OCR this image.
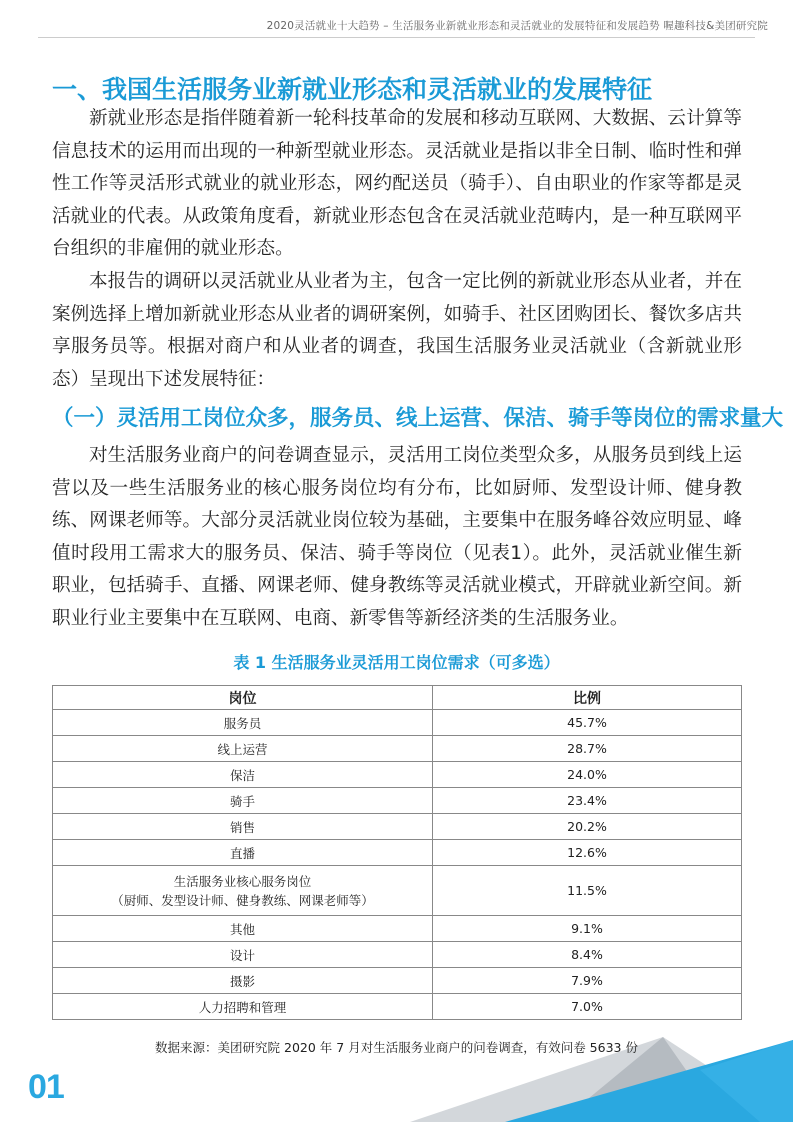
2020灵活就业十大趋势 – 生活服务业新就业形态和灵活就业的发展特征和发展趋势 喔趣科技&美团研究院
一、我国生活服务业新就业形态和灵活就业的发展特征
新就业形态是指伴随着新一轮科技革命的发展和移动互联网、大数据、云计算等
信息技术的运用而出现的一种新型就业形态。灵活就业是指以非全日制、临时性和弹
性工作等灵活形式就业的就业形态，网约配送员（骑手）、自由职业的作家等都是灵
活就业的代表。从政策角度看，新就业形态包含在灵活就业范畴内，是一种互联网平
台组织的非雇佣的就业形态。
本报告的调研以灵活就业从业者为主，包含一定比例的新就业形态从业者，并在
案例选择上增加新就业形态从业者的调研案例，如骑手、社区团购团长、餐饮多店共
享服务员等。根据对商户和从业者的调查，我国生活服务业灵活就业（含新就业形
态）呈现出下述发展特征：
（一）灵活用工岗位众多，服务员、线上运营、保洁、骑手等岗位的需求量大
对生活服务业商户的问卷调查显示，灵活用工岗位类型众多，从服务员到线上运
营以及一些生活服务业的核心服务岗位均有分布，比如厨师、发型设计师、健身教
练、网课老师等。大部分灵活就业岗位较为基础，主要集中在服务峰谷效应明显、峰
值时段用工需求大的服务员、保洁、骑手等岗位（见表1）。此外，灵活就业催生新
职业，包括骑手、直播、网课老师、健身教练等灵活就业模式，开辟就业新空间。新
职业行业主要集中在互联网、电商、新零售等新经济类的生活服务业。
表 1 生活服务业灵活用工岗位需求（可多选）
岗位	比例

服务员	45.7%

线上运营	28.7%

保洁	24.0%

骑手	23.4%

销售	20.2%

直播	12.6%

生活服务业核心服务岗位
（厨师、发型设计师、健身教练、网课老师等）	11.5%

其他	9.1%

设计	8.4%

摄影	7.9%

人力招聘和管理	7.0%
数据来源：美团研究院 2020 年 7 月对生活服务业商户的问卷调查，有效问卷 5633 份
01
